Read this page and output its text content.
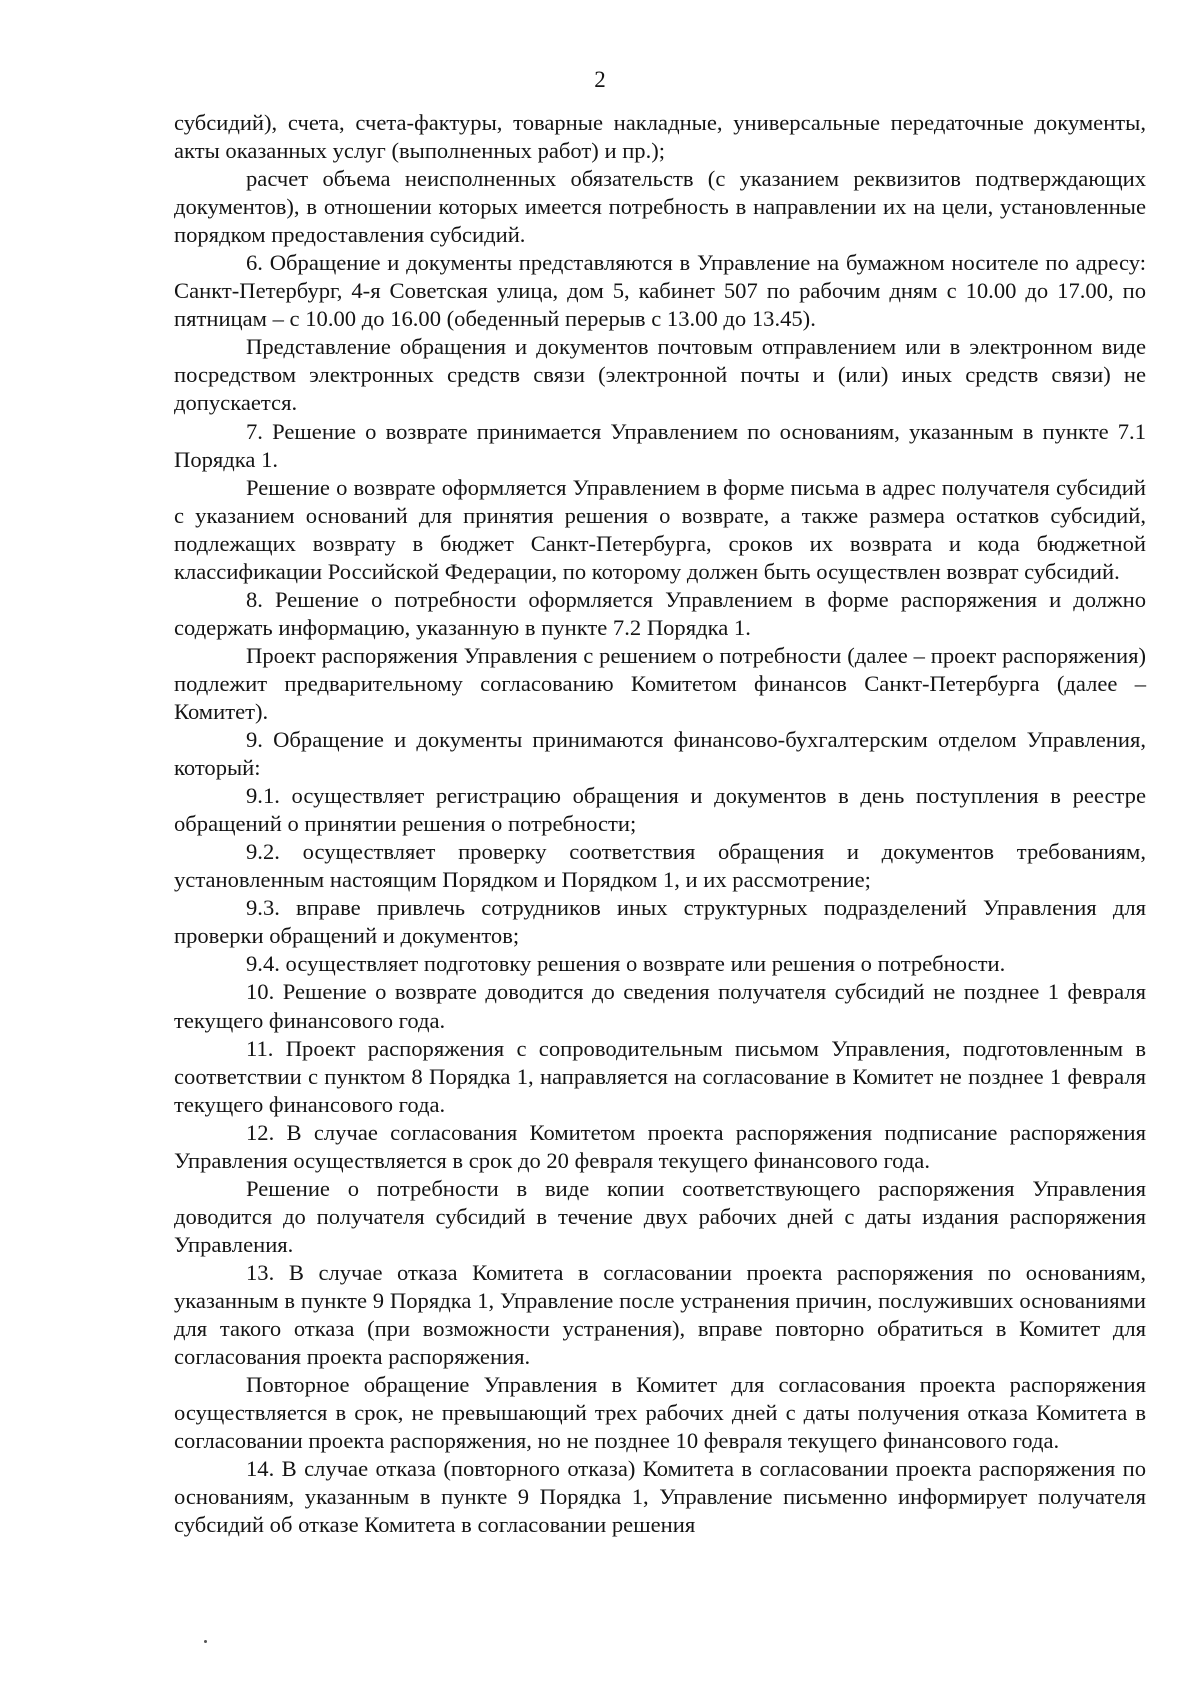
2

субсидий), счета, счета-фактуры, товарные накладные, универсальные передаточные документы, акты оказанных услуг (выполненных работ) и пр.);

расчет объема неисполненных обязательств (с указанием реквизитов подтверждающих документов), в отношении которых имеется потребность в направлении их на цели, установленные порядком предоставления субсидий.

6. Обращение и документы представляются в Управление на бумажном носителе по адресу: Санкт-Петербург, 4-я Советская улица, дом 5, кабинет 507 по рабочим дням с 10.00 до 17.00, по пятницам – с 10.00 до 16.00 (обеденный перерыв с 13.00 до 13.45).

Представление обращения и документов почтовым отправлением или в электронном виде посредством электронных средств связи (электронной почты и (или) иных средств связи) не допускается.

7. Решение о возврате принимается Управлением по основаниям, указанным в пункте 7.1 Порядка 1.

Решение о возврате оформляется Управлением в форме письма в адрес получателя субсидий с указанием оснований для принятия решения о возврате, а также размера остатков субсидий, подлежащих возврату в бюджет Санкт-Петербурга, сроков их возврата и кода бюджетной классификации Российской Федерации, по которому должен быть осуществлен возврат субсидий.

8. Решение о потребности оформляется Управлением в форме распоряжения и должно содержать информацию, указанную в пункте 7.2 Порядка 1.

Проект распоряжения Управления с решением о потребности (далее – проект распоряжения) подлежит предварительному согласованию Комитетом финансов Санкт-Петербурга (далее – Комитет).

9. Обращение и документы принимаются финансово-бухгалтерским отделом Управления, который:

9.1. осуществляет регистрацию обращения и документов в день поступления в реестре обращений о принятии решения о потребности;

9.2. осуществляет проверку соответствия обращения и документов требованиям, установленным настоящим Порядком и Порядком 1, и их рассмотрение;

9.3. вправе привлечь сотрудников иных структурных подразделений Управления для проверки обращений и документов;

9.4. осуществляет подготовку решения о возврате или решения о потребности.

10. Решение о возврате доводится до сведения получателя субсидий не позднее 1 февраля текущего финансового года.

11. Проект распоряжения с сопроводительным письмом Управления, подготовленным в соответствии с пунктом 8 Порядка 1, направляется на согласование в Комитет не позднее 1 февраля текущего финансового года.

12. В случае согласования Комитетом проекта распоряжения подписание распоряжения Управления осуществляется в срок до 20 февраля текущего финансового года.

Решение о потребности в виде копии соответствующего распоряжения Управления доводится до получателя субсидий в течение двух рабочих дней с даты издания распоряжения Управления.

13. В случае отказа Комитета в согласовании проекта распоряжения по основаниям, указанным в пункте 9 Порядка 1, Управление после устранения причин, послуживших основаниями для такого отказа (при возможности устранения), вправе повторно обратиться в Комитет для согласования проекта распоряжения.

Повторное обращение Управления в Комитет для согласования проекта распоряжения осуществляется в срок, не превышающий трех рабочих дней с даты получения отказа Комитета в согласовании проекта распоряжения, но не позднее 10 февраля текущего финансового года.

14. В случае отказа (повторного отказа) Комитета в согласовании проекта распоряжения по основаниям, указанным в пункте 9 Порядка 1, Управление письменно информирует получателя субсидий об отказе Комитета в согласовании решения
